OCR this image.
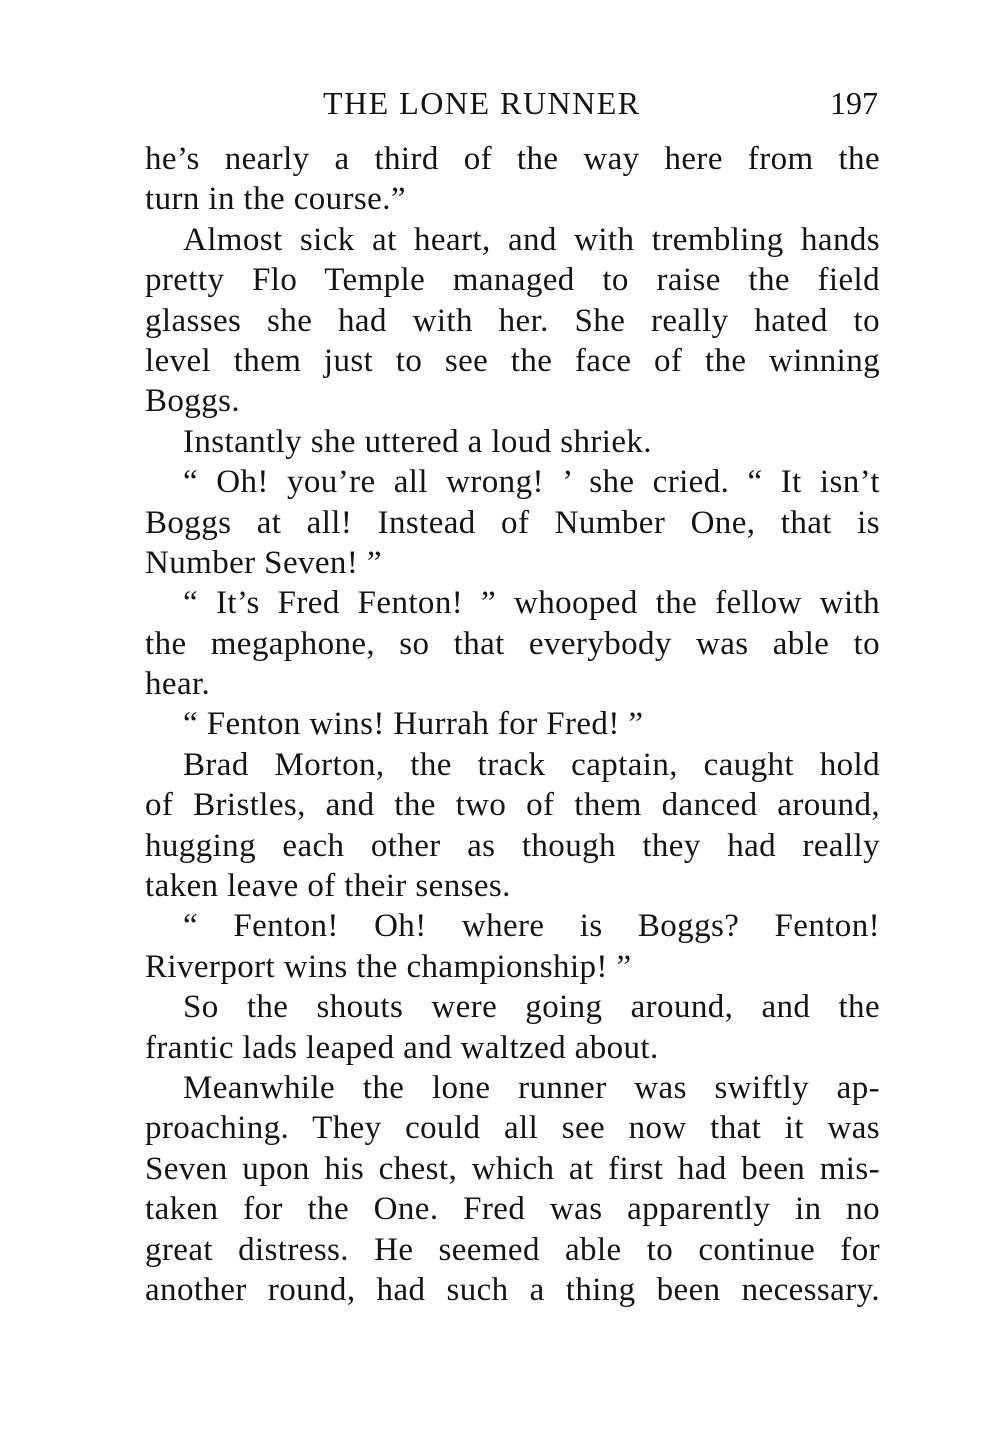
THE LONE RUNNER	197
he’s nearly a third of the way here from the
turn in the course.”
Almost sick at heart, and with trembling hands
pretty Flo Temple managed to raise the field
glasses she had with her. She really hated to
level them just to see the face of the winning
Boggs.
Instantly she uttered a loud shriek.
“ Oh! you’re all wrong! ’ she cried. “ It isn’t
Boggs at all! Instead of Number One, that is
Number Seven! ”
“ It’s Fred Fenton! ” whooped the fellow with
the megaphone, so that everybody was able to
hear.
“ Fenton wins! Hurrah for Fred! ”
Brad Morton, the track captain, caught hold
of Bristles, and the two of them danced around,
hugging each other as though they had really
taken leave of their senses.
“ Fenton! Oh! where is Boggs? Fenton!
Riverport wins the championship! ”
So the shouts were going around, and the
frantic lads leaped and waltzed about.
Meanwhile the lone runner was swiftly ap-
proaching. They could all see now that it was
Seven upon his chest, which at first had been mis-
taken for the One. Fred was apparently in no
great distress. He seemed able to continue for
another round, had such a thing been necessary.
